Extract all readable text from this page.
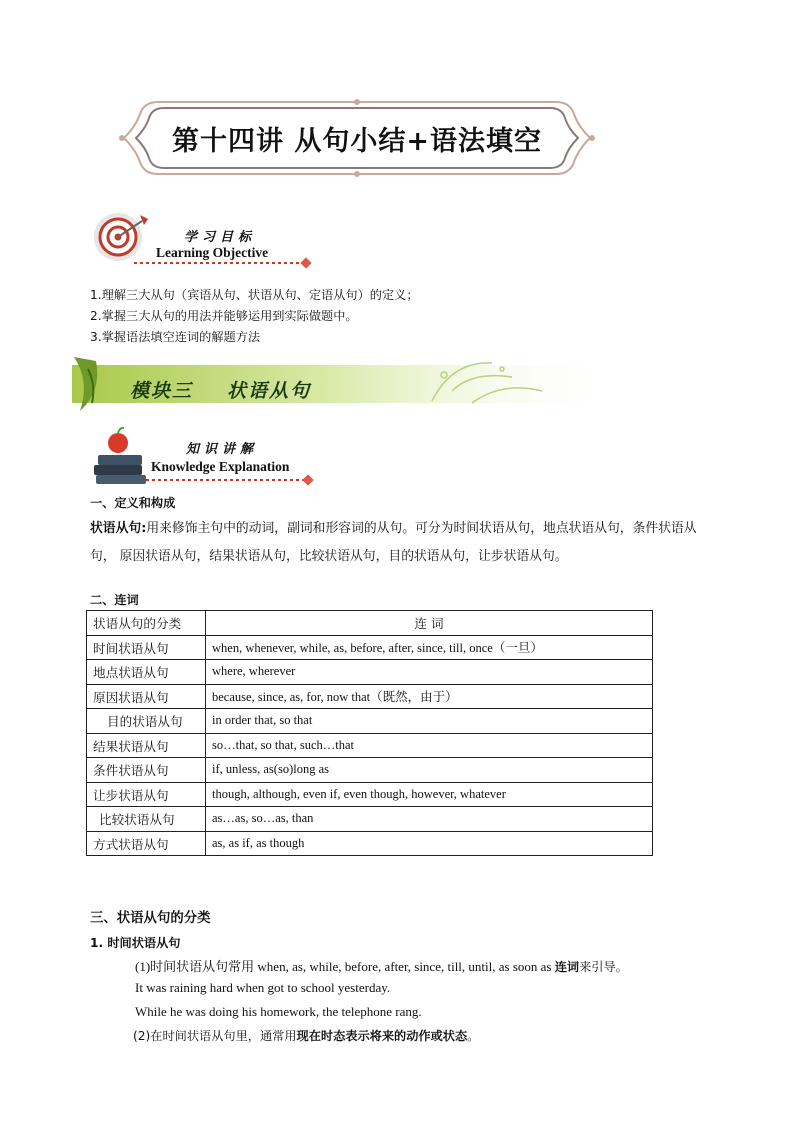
第十四讲 从句小结+语法填空
学习目标
Learning Objective
1.理解三大从句（宾语从句、状语从句、定语从句）的定义；
2.掌握三大从句的用法并能够运用到实际做题中。
3.掌握语法填空连词的解题方法
模块三 状语从句
知识讲解
Knowledge Explanation
一、定义和构成
状语从句:用来修饰主句中的动词，副词和形容词的从句。可分为时间状语从句，地点状语从句，条件状语从句， 原因状语从句，结果状语从句，比较状语从句，目的状语从句，让步状语从句。
二、连词
状语从句的分类	连 词
时间状语从句	when, whenever, while, as, before, after, since, till, once（一旦）
地点状语从句	where, wherever
原因状语从句	because, since, as, for, now that（既然，由于）
目的状语从句	in order that, so that
结果状语从句	so…that, so that, such…that
条件状语从句	if, unless, as(so)long as
让步状语从句	though, although, even if, even though, however, whatever
比较状语从句	as…as, so…as, than
方式状语从句	as, as if, as though
三、状语从句的分类
1. 时间状语从句
(1)时间状语从句常用 when, as, while, before, after, since, till, until, as soon as 连词来引导。
It was raining hard when got to school yesterday.
While he was doing his homework, the telephone rang.
(2)在时间状语从句里，通常用现在时态表示将来的动作或状态。
